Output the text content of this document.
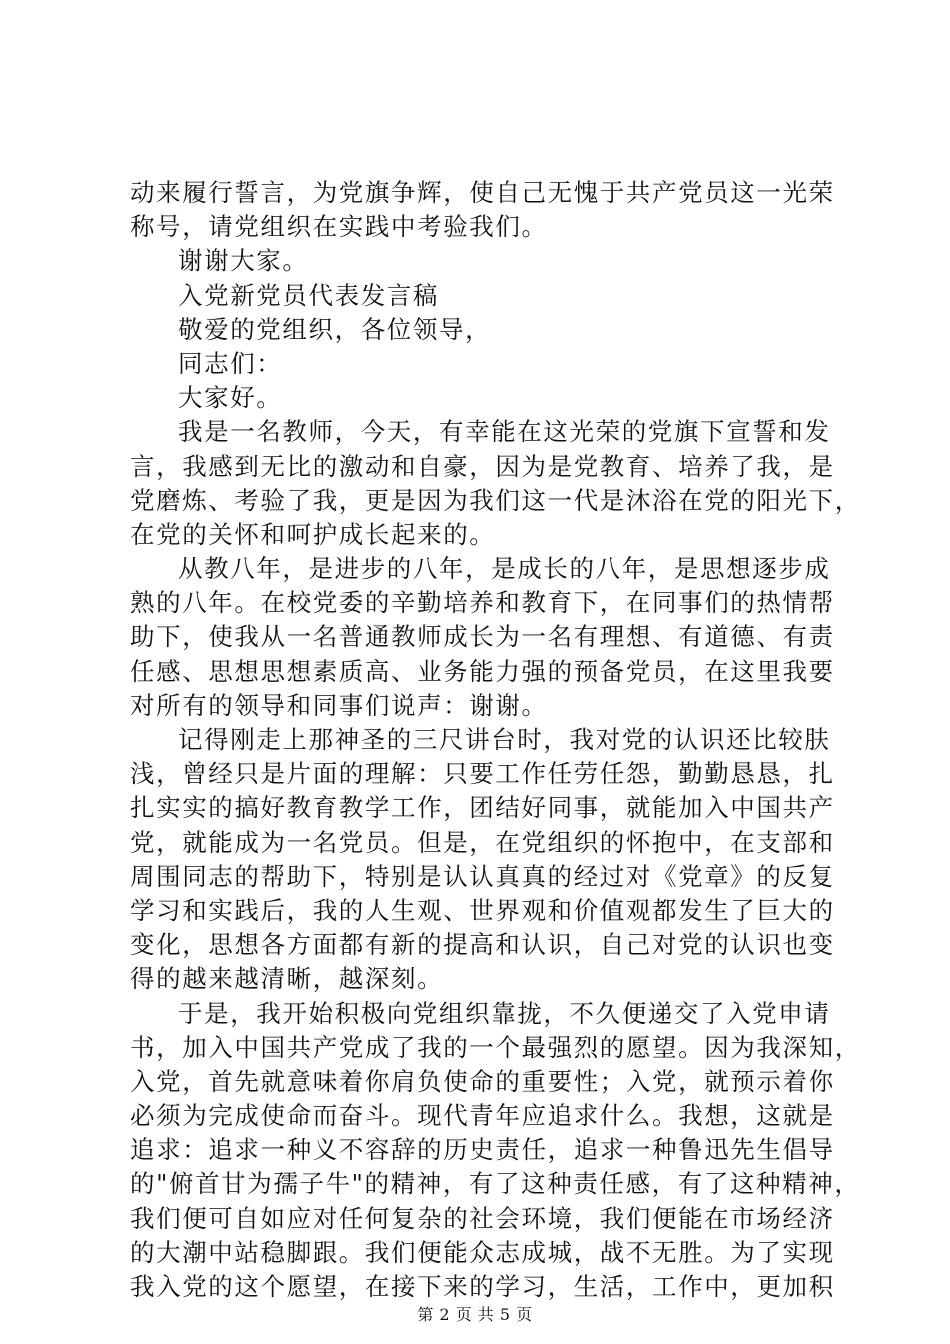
动来履行誓言，为党旗争辉，使自己无愧于共产党员这一光荣
称号，请党组织在实践中考验我们。
谢谢大家。
入党新党员代表发言稿
敬爱的党组织，各位领导，
同志们：
大家好。
我是一名教师，今天，有幸能在这光荣的党旗下宣誓和发
言，我感到无比的激动和自豪，因为是党教育、培养了我，是
党磨炼、考验了我，更是因为我们这一代是沐浴在党的阳光下，
在党的关怀和呵护成长起来的。
从教八年，是进步的八年，是成长的八年，是思想逐步成
熟的八年。在校党委的辛勤培养和教育下，在同事们的热情帮
助下，使我从一名普通教师成长为一名有理想、有道德、有责
任感、思想思想素质高、业务能力强的预备党员，在这里我要
对所有的领导和同事们说声：谢谢。
记得刚走上那神圣的三尺讲台时，我对党的认识还比较肤
浅，曾经只是片面的理解：只要工作任劳任怨，勤勤恳恳，扎
扎实实的搞好教育教学工作，团结好同事，就能加入中国共产
党，就能成为一名党员。但是，在党组织的怀抱中，在支部和
周围同志的帮助下，特别是认认真真的经过对《党章》的反复
学习和实践后，我的人生观、世界观和价值观都发生了巨大的
变化，思想各方面都有新的提高和认识，自己对党的认识也变
得的越来越清晰，越深刻。
于是，我开始积极向党组织靠拢，不久便递交了入党申请
书，加入中国共产党成了我的一个最强烈的愿望。因为我深知，
入党，首先就意味着你肩负使命的重要性；入党，就预示着你
必须为完成使命而奋斗。现代青年应追求什么。我想，这就是
追求：追求一种义不容辞的历史责任，追求一种鲁迅先生倡导
的"俯首甘为孺子牛"的精神，有了这种责任感，有了这种精神，
我们便可自如应对任何复杂的社会环境，我们便能在市场经济
的大潮中站稳脚跟。我们便能众志成城，战不无胜。为了实现
我入党的这个愿望，在接下来的学习，生活，工作中，更加积
第 2 页 共 5 页
